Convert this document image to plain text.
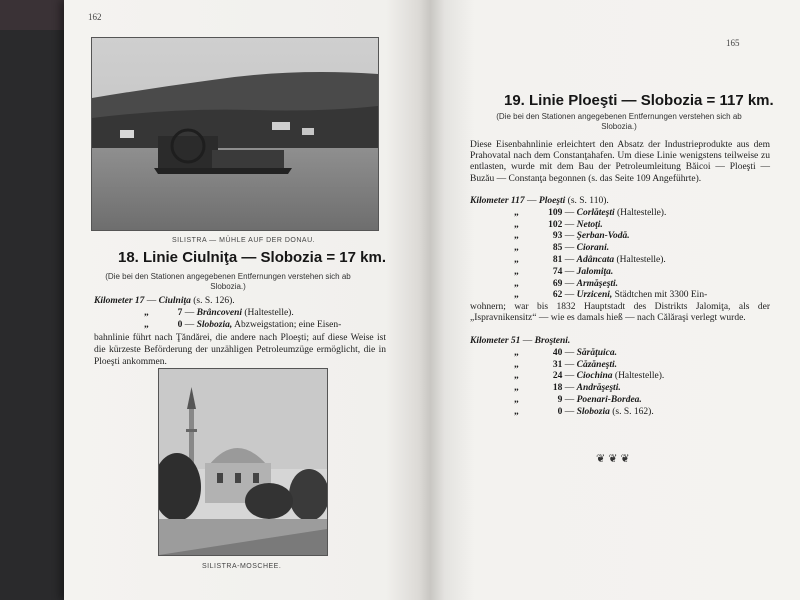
162
SILISTRA — MÜHLE AUF DER DONAU.
18. Linie Ciulniţa — Slobozia = 17 km.
(Die bei den Stationen angegebenen Entfernungen verstehen sich ab Slobozia.)
Kilometer 17 — Ciulniţa (s. S. 126).
„	7 — Brâncoveni (Haltestelle).
„	0 — Slobozia, Abzweigstation; eine Eisen-
bahnlinie führt nach Ţăndărei, die andere nach Ploeşti; auf diese Weise ist die kürzeste Beförderung der unzähligen Petroleumzüge ermöglicht, die in Ploeşti ankommen.
SILISTRA-MOSCHEE.
165
19. Linie Ploeşti — Slobozia = 117 km.
(Die bei den Stationen angegebenen Entfernungen verstehen sich ab Slobozia.)
Diese Eisenbahnlinie erleichtert den Absatz der Industrieprodukte aus dem Prahovatal nach dem Constanţahafen. Um diese Linie wenigstens teilweise zu entlasten, wurde mit dem Bau der Petroleumleitung Băicoi — Ploeşti — Buzău — Constanţa begonnen (s. das Seite 109 Angeführte).
Kilometer 117 — Ploeşti (s. S. 110).
„	109 — Corlăteşti (Haltestelle).
„	102 — Netoţi.
„	93 — Şerban-Vodă.
„	85 — Ciorani.
„	81 — Adâncata (Haltestelle).
„	74 — Jalomiţa.
„	69 — Armăşeşti.
„	62 — Urziceni, Städtchen mit 3300 Ein-
wohnern; war bis 1832 Hauptstadt des Distrikts Jalomiţa, als der „Ispravnikensitz“ — wie es damals hieß — nach Călăraşi verlegt wurde.
Kilometer 51 — Broşteni.
„	40 — Sărăţuica.
„	31 — Căzăneşti.
„	24 — Ciochina (Haltestelle).
„	18 — Andrăşeşti.
„	9 — Poenari-Bordea.
„	0 — Slobozia (s. S. 162).
❦❦❦
